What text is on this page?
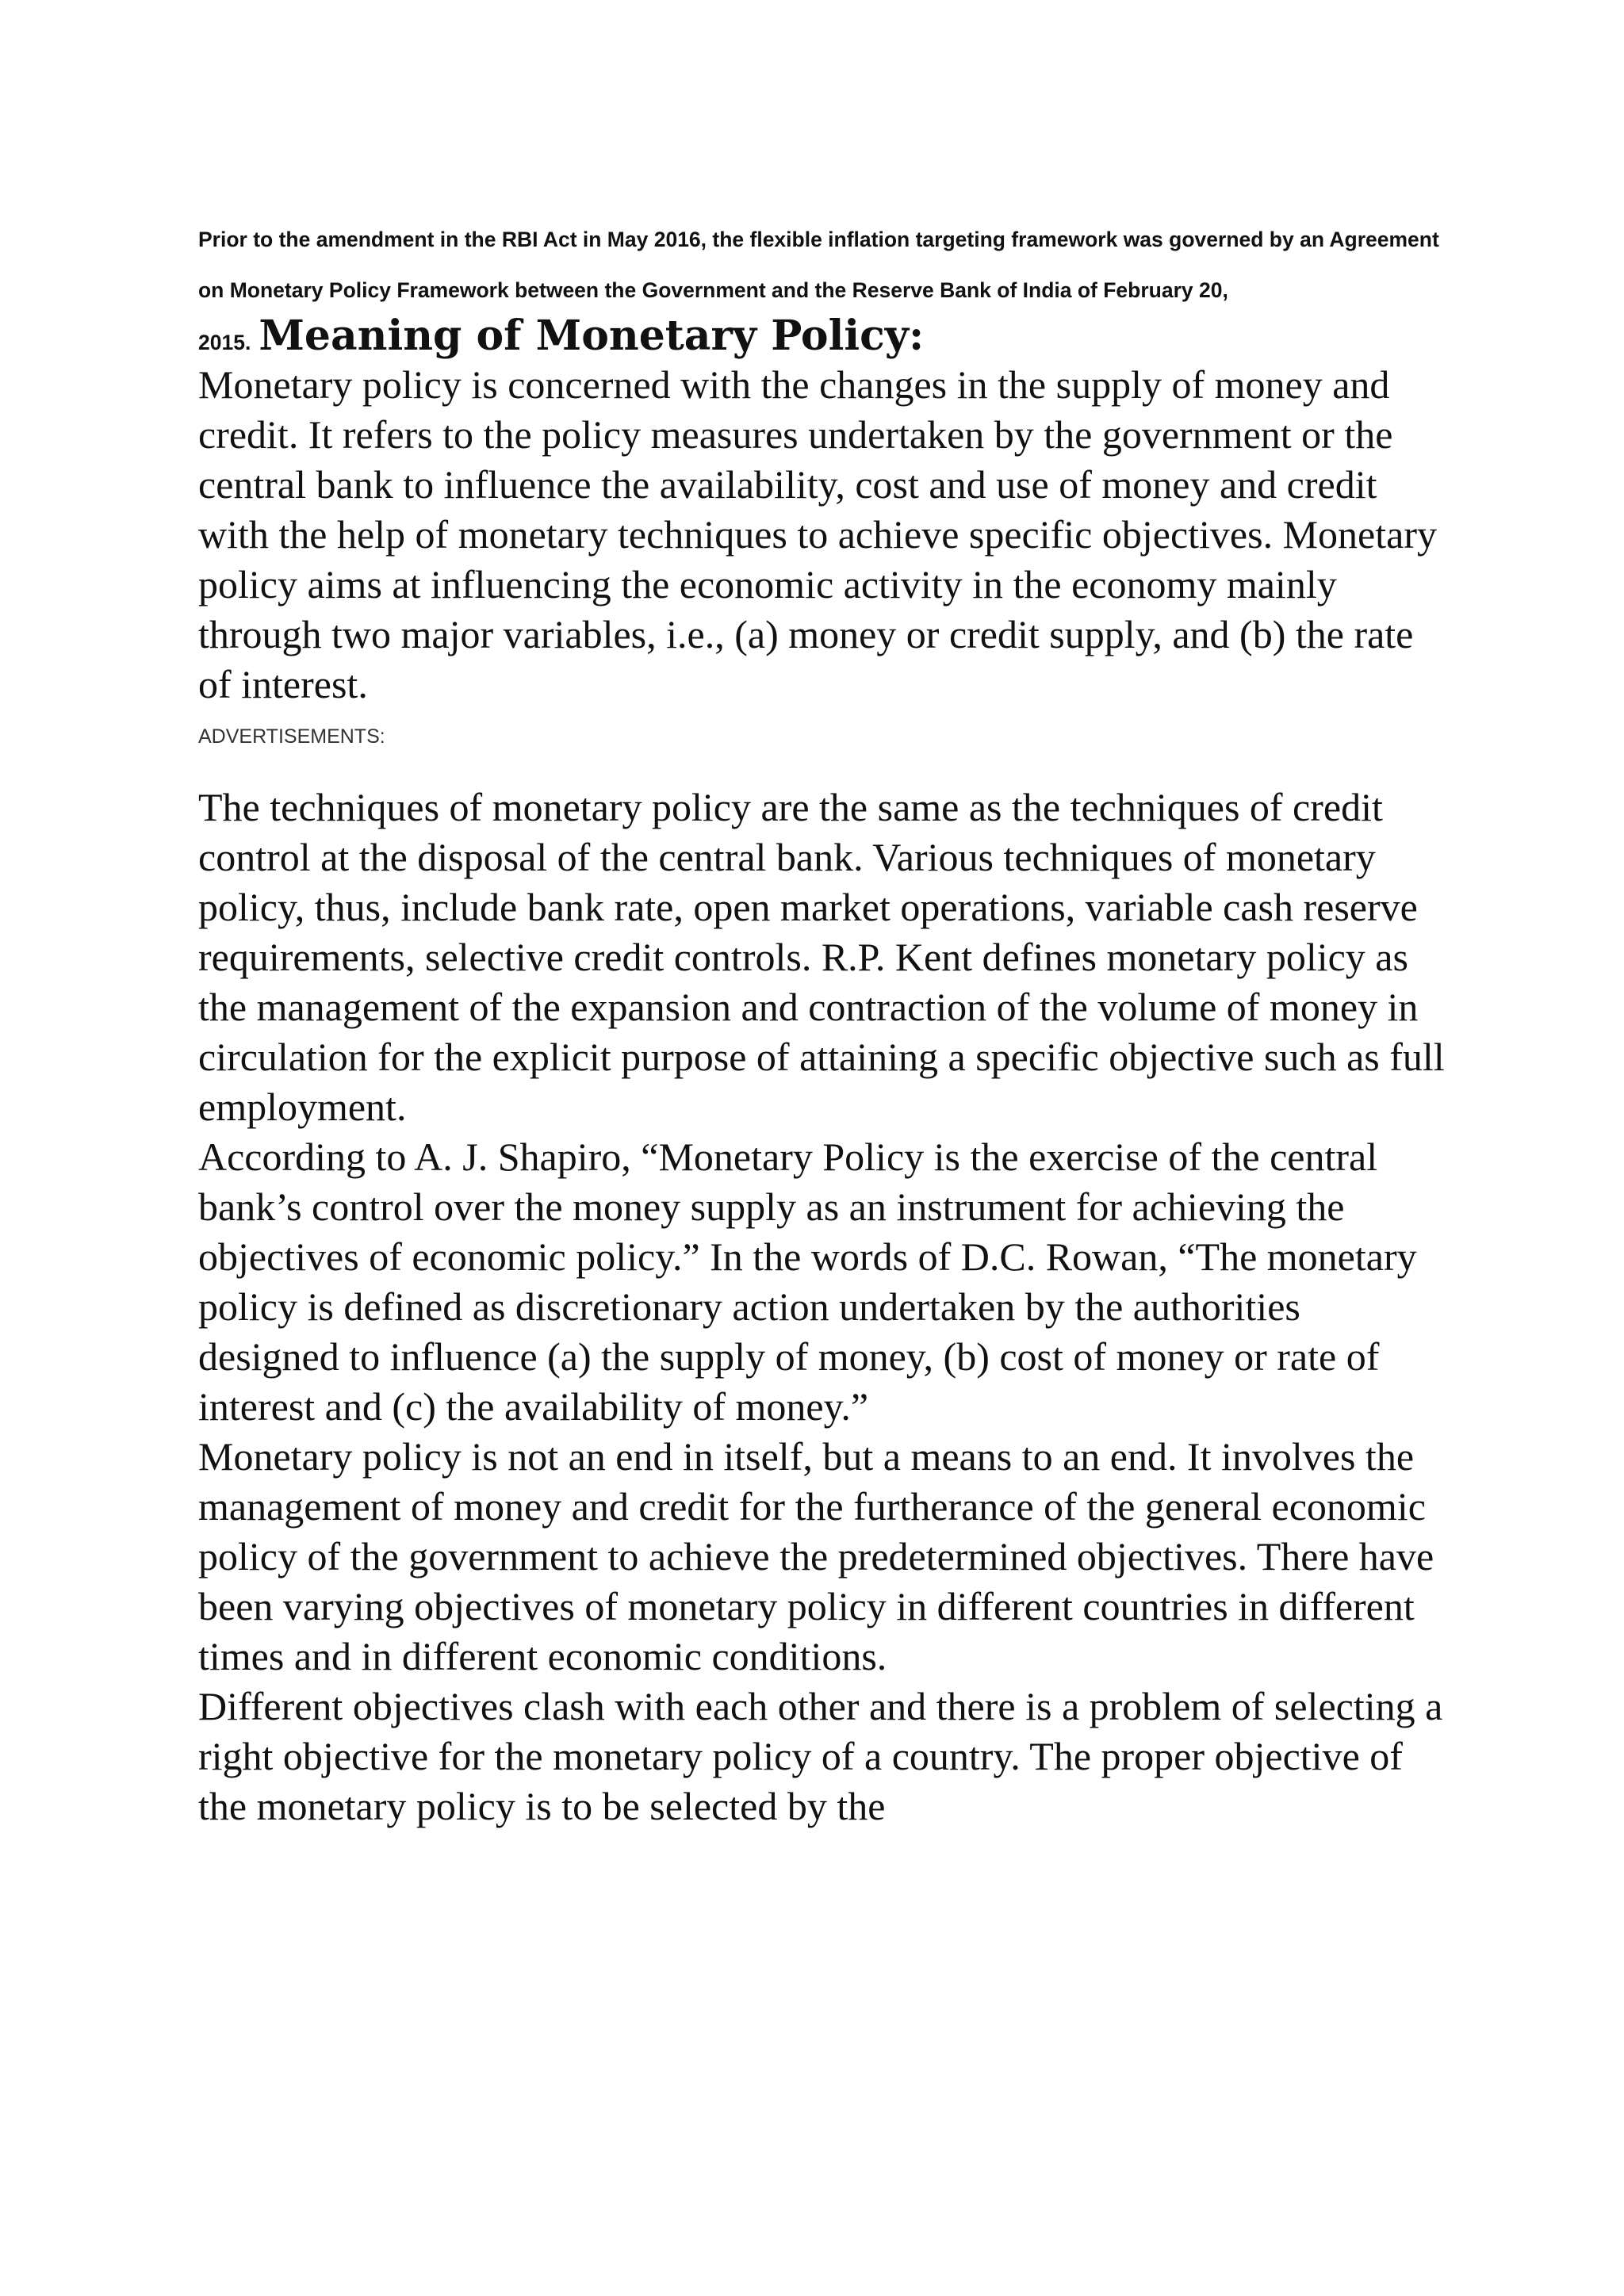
Prior to the amendment in the RBI Act in May 2016, the flexible inflation targeting framework was governed by an Agreement on Monetary Policy Framework between the Government and the Reserve Bank of India of February 20, 2015. Meaning of Monetary Policy:

Monetary policy is concerned with the changes in the supply of money and credit. It refers to the policy measures undertaken by the government or the central bank to influence the availability, cost and use of money and credit with the help of monetary techniques to achieve specific objectives. Monetary policy aims at influencing the economic activity in the economy mainly through two major variables, i.e., (a) money or credit supply, and (b) the rate of interest.

ADVERTISEMENTS:

The techniques of monetary policy are the same as the techniques of credit control at the disposal of the central bank. Various techniques of monetary policy, thus, include bank rate, open market operations, variable cash reserve requirements, selective credit controls. R.P. Kent defines monetary policy as the management of the expansion and contraction of the volume of money in circulation for the explicit purpose of attaining a specific objective such as full employment.

According to A. J. Shapiro, “Monetary Policy is the exercise of the central bank’s control over the money supply as an instrument for achieving the objectives of economic policy.” In the words of D.C. Rowan, “The monetary policy is defined as discretionary action undertaken by the authorities designed to influence (a) the supply of money, (b) cost of money or rate of interest and (c) the availability of money.”

Monetary policy is not an end in itself, but a means to an end. It involves the management of money and credit for the furtherance of the general economic policy of the government to achieve the predetermined objectives. There have been varying objectives of monetary policy in different countries in different times and in different economic conditions.

Different objectives clash with each other and there is a problem of selecting a right objective for the monetary policy of a country. The proper objective of the monetary policy is to be selected by the
